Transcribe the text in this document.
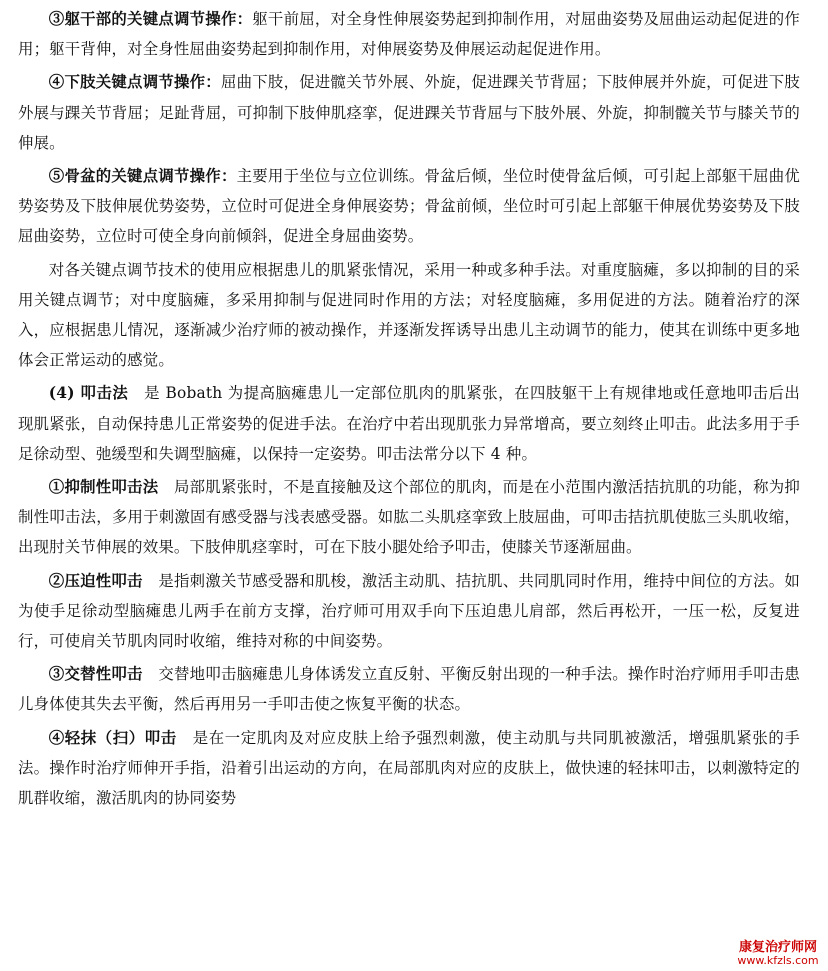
③躯干部的关键点调节操作：躯干前屈，对全身性伸展姿势起到抑制作用，对屈曲姿势及屈曲运动起促进的作用；躯干背伸，对全身性屈曲姿势起到抑制作用，对伸展姿势及伸展运动起促进作用。

④下肢关键点调节操作：屈曲下肢，促进髋关节外展、外旋，促进踝关节背屈；下肢伸展并外旋，可促进下肢外展与踝关节背屈；足趾背屈，可抑制下肢伸肌痉挛，促进踝关节背屈与下肢外展、外旋，抑制髋关节与膝关节的伸展。

⑤骨盆的关键点调节操作：主要用于坐位与立位训练。骨盆后倾，坐位时使骨盆后倾，可引起上部躯干屈曲优势姿势及下肢伸展优势姿势，立位时可促进全身伸展姿势；骨盆前倾，坐位时可引起上部躯干伸展优势姿势及下肢屈曲姿势，立位时可使全身向前倾斜，促进全身屈曲姿势。

对各关键点调节技术的使用应根据患儿的肌紧张情况，采用一种或多种手法。对重度脑瘫，多以抑制的目的采用关键点调节；对中度脑瘫，多采用抑制与促进同时作用的方法；对轻度脑瘫，多用促进的方法。随着治疗的深入，应根据患儿情况，逐渐减少治疗师的被动操作，并逐渐发挥诱导出患儿主动调节的能力，使其在训练中更多地体会正常运动的感觉。

(4) 叩击法　是 Bobath 为提高脑瘫患儿一定部位肌肉的肌紧张，在四肢躯干上有规律地或任意地叩击后出现肌紧张，自动保持患儿正常姿势的促进手法。在治疗中若出现肌张力异常增高，要立刻终止叩击。此法多用于手足徐动型、弛缓型和失调型脑瘫，以保持一定姿势。叩击法常分以下 4 种。

①抑制性叩击法　局部肌紧张时，不是直接触及这个部位的肌肉，而是在小范围内激活拮抗肌的功能，称为抑制性叩击法，多用于刺激固有感受器与浅表感受器。如肱二头肌痉挛致上肢屈曲，可叩击拮抗肌使肱三头肌收缩，出现肘关节伸展的效果。下肢伸肌痉挛时，可在下肢小腿处给予叩击，使膝关节逐渐屈曲。

②压迫性叩击　是指刺激关节感受器和肌梭，激活主动肌、拮抗肌、共同肌同时作用，维持中间位的方法。如为使手足徐动型脑瘫患儿两手在前方支撑，治疗师可用双手向下压迫患儿肩部，然后再松开，一压一松，反复进行，可使肩关节肌肉同时收缩，维持对称的中间姿势。

③交替性叩击　交替地叩击脑瘫患儿身体诱发立直反射、平衡反射出现的一种手法。操作时治疗师用手叩击患儿身体使其失去平衡，然后再用另一手叩击使之恢复平衡的状态。

④轻抹（扫）叩击　是在一定肌肉及对应皮肤上给予强烈刺激，使主动肌与共同肌被激活，增强肌紧张的手法。操作时治疗师伸开手指，沿着引出运动的方向，在局部肌肉对应的皮肤上，做快速的轻抹叩击，以刺激特定的肌群收缩，激活肌肉的协同姿势

康复治疗师网
www.kfzls.com
